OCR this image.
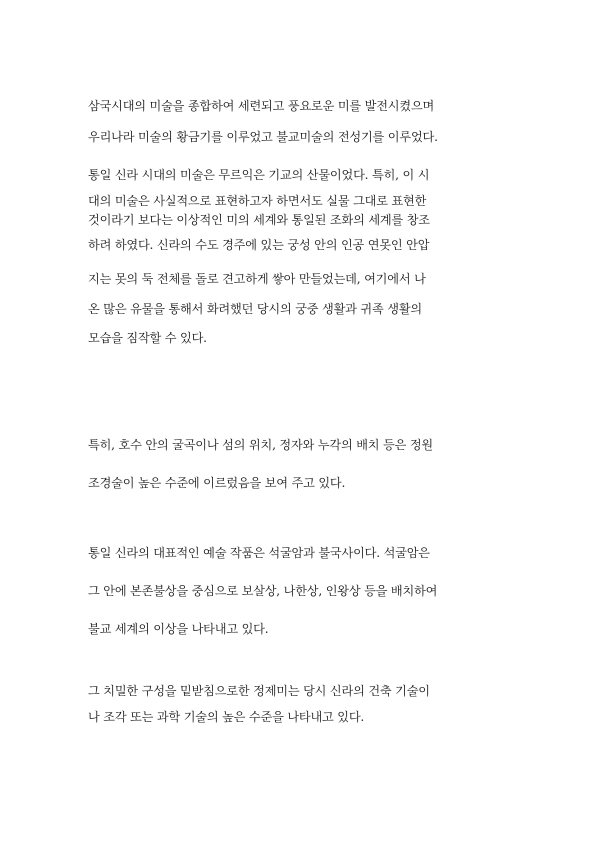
삼국시대의 미술을 종합하여 세련되고 풍요로운 미를 발전시켰으며
우리나라 미술의 황금기를 이루었고 불교미술의 전성기를 이루었다.
통일 신라 시대의 미술은 무르익은 기교의 산물이었다. 특히, 이 시
대의 미술은 사실적으로 표현하고자 하면서도 실물 그대로 표현한
것이라기 보다는 이상적인 미의 세계와 통일된 조화의 세계를 창조
하려 하였다. 신라의 수도 경주에 있는 궁성 안의 인공 연못인 안압
지는 못의 둑 전체를 돌로 견고하게 쌓아 만들었는데, 여기에서 나
온 많은 유물을 통해서 화려했던 당시의 궁중 생활과 귀족 생활의
모습을 짐작할 수 있다.
특히, 호수 안의 굴곡이나 섬의 위치, 정자와 누각의 배치 등은 정원
조경술이 높은 수준에 이르렀음을 보여 주고 있다.
통일 신라의 대표적인 예술 작품은 석굴암과 불국사이다. 석굴암은
그 안에 본존불상을 중심으로 보살상, 나한상, 인왕상 등을 배치하여
불교 세계의 이상을 나타내고 있다.
그 치밀한 구성을 밑받침으로한 정제미는 당시 신라의 건축 기술이
나 조각 또는 과학 기술의 높은 수준을 나타내고 있다.
